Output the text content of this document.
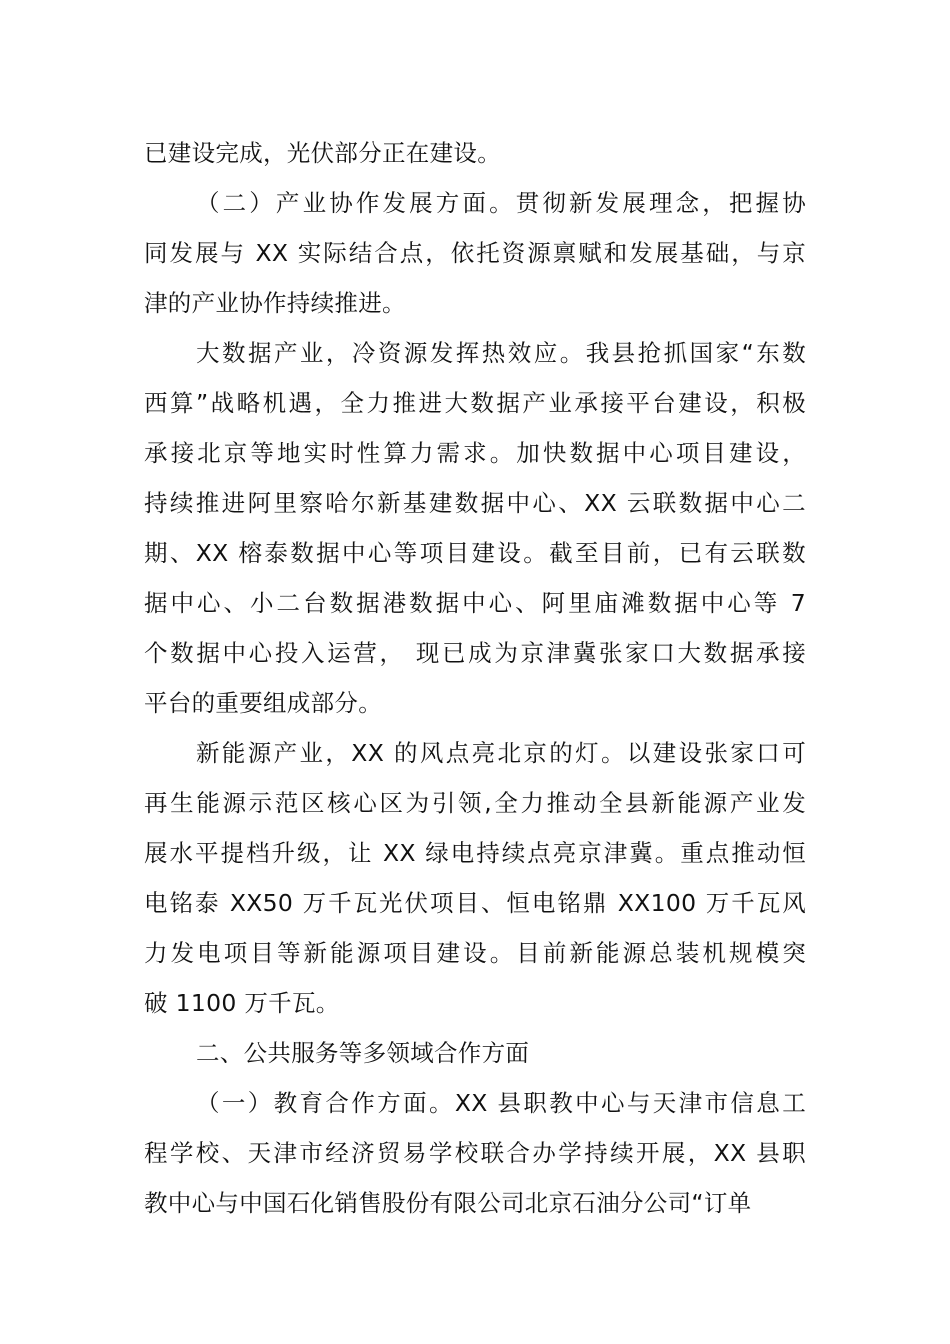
已建设完成，光伏部分正在建设。
（二）产业协作发展方面。贯彻新发展理念，把握协
同发展与 XX 实际结合点，依托资源禀赋和发展基础，与京
津的产业协作持续推进。
大数据产业，冷资源发挥热效应。我县抢抓国家“东数
西算”战略机遇，全力推进大数据产业承接平台建设，积极
承接北京等地实时性算力需求。加快数据中心项目建设，
持续推进阿里察哈尔新基建数据中心、XX 云联数据中心二
期、XX 榕泰数据中心等项目建设。截至目前，已有云联数
据中心、小二台数据港数据中心、阿里庙滩数据中心等 7
个数据中心投入运营， 现已成为京津冀张家口大数据承接
平台的重要组成部分。
新能源产业，XX 的风点亮北京的灯。以建设张家口可
再生能源示范区核心区为引领,全力推动全县新能源产业发
展水平提档升级，让 XX 绿电持续点亮京津冀。重点推动恒
电铭泰 XX50 万千瓦光伏项目、恒电铭鼎 XX100 万千瓦风
力发电项目等新能源项目建设。目前新能源总装机规模突
破 1100 万千瓦。
二、公共服务等多领域合作方面
（一）教育合作方面。XX 县职教中心与天津市信息工
程学校、天津市经济贸易学校联合办学持续开展，XX 县职
教中心与中国石化销售股份有限公司北京石油分公司“订单
